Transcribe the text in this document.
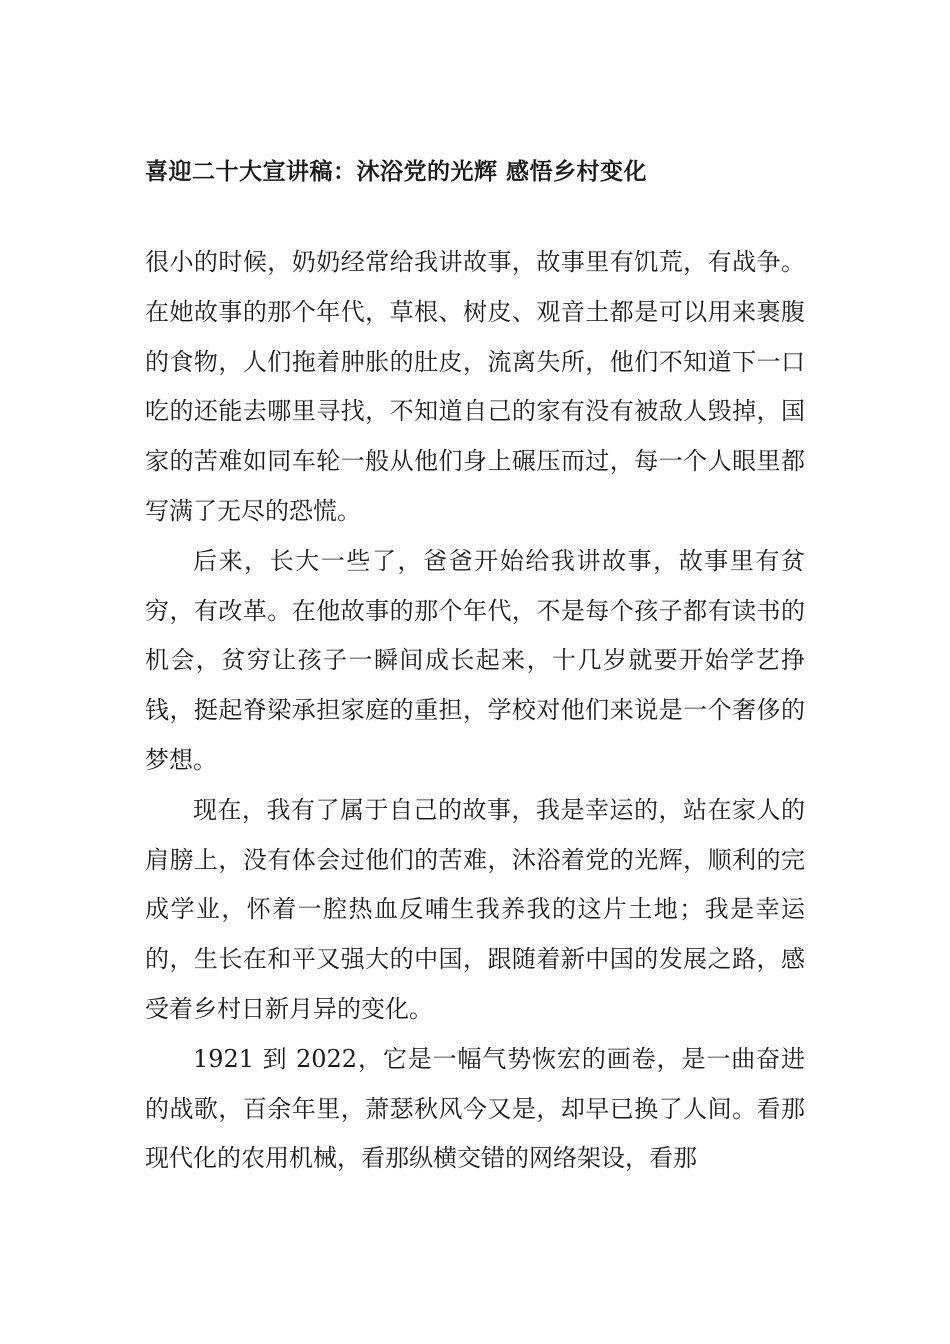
喜迎二十大宣讲稿：沐浴党的光辉 感悟乡村变化

很小的时候，奶奶经常给我讲故事，故事里有饥荒，有战争。在她故事的那个年代，草根、树皮、观音土都是可以用来裹腹的食物，人们拖着肿胀的肚皮，流离失所，他们不知道下一口吃的还能去哪里寻找，不知道自己的家有没有被敌人毁掉，国家的苦难如同车轮一般从他们身上碾压而过，每一个人眼里都写满了无尽的恐慌。

后来，长大一些了，爸爸开始给我讲故事，故事里有贫穷，有改革。在他故事的那个年代，不是每个孩子都有读书的机会，贫穷让孩子一瞬间成长起来，十几岁就要开始学艺挣钱，挺起脊梁承担家庭的重担，学校对他们来说是一个奢侈的梦想。

现在，我有了属于自己的故事，我是幸运的，站在家人的肩膀上，没有体会过他们的苦难，沐浴着党的光辉，顺利的完成学业，怀着一腔热血反哺生我养我的这片土地；我是幸运的，生长在和平又强大的中国，跟随着新中国的发展之路，感受着乡村日新月异的变化。

1921 到 2022，它是一幅气势恢宏的画卷，是一曲奋进的战歌，百余年里，萧瑟秋风今又是，却早已换了人间。看那现代化的农用机械，看那纵横交错的网络架设，看那
